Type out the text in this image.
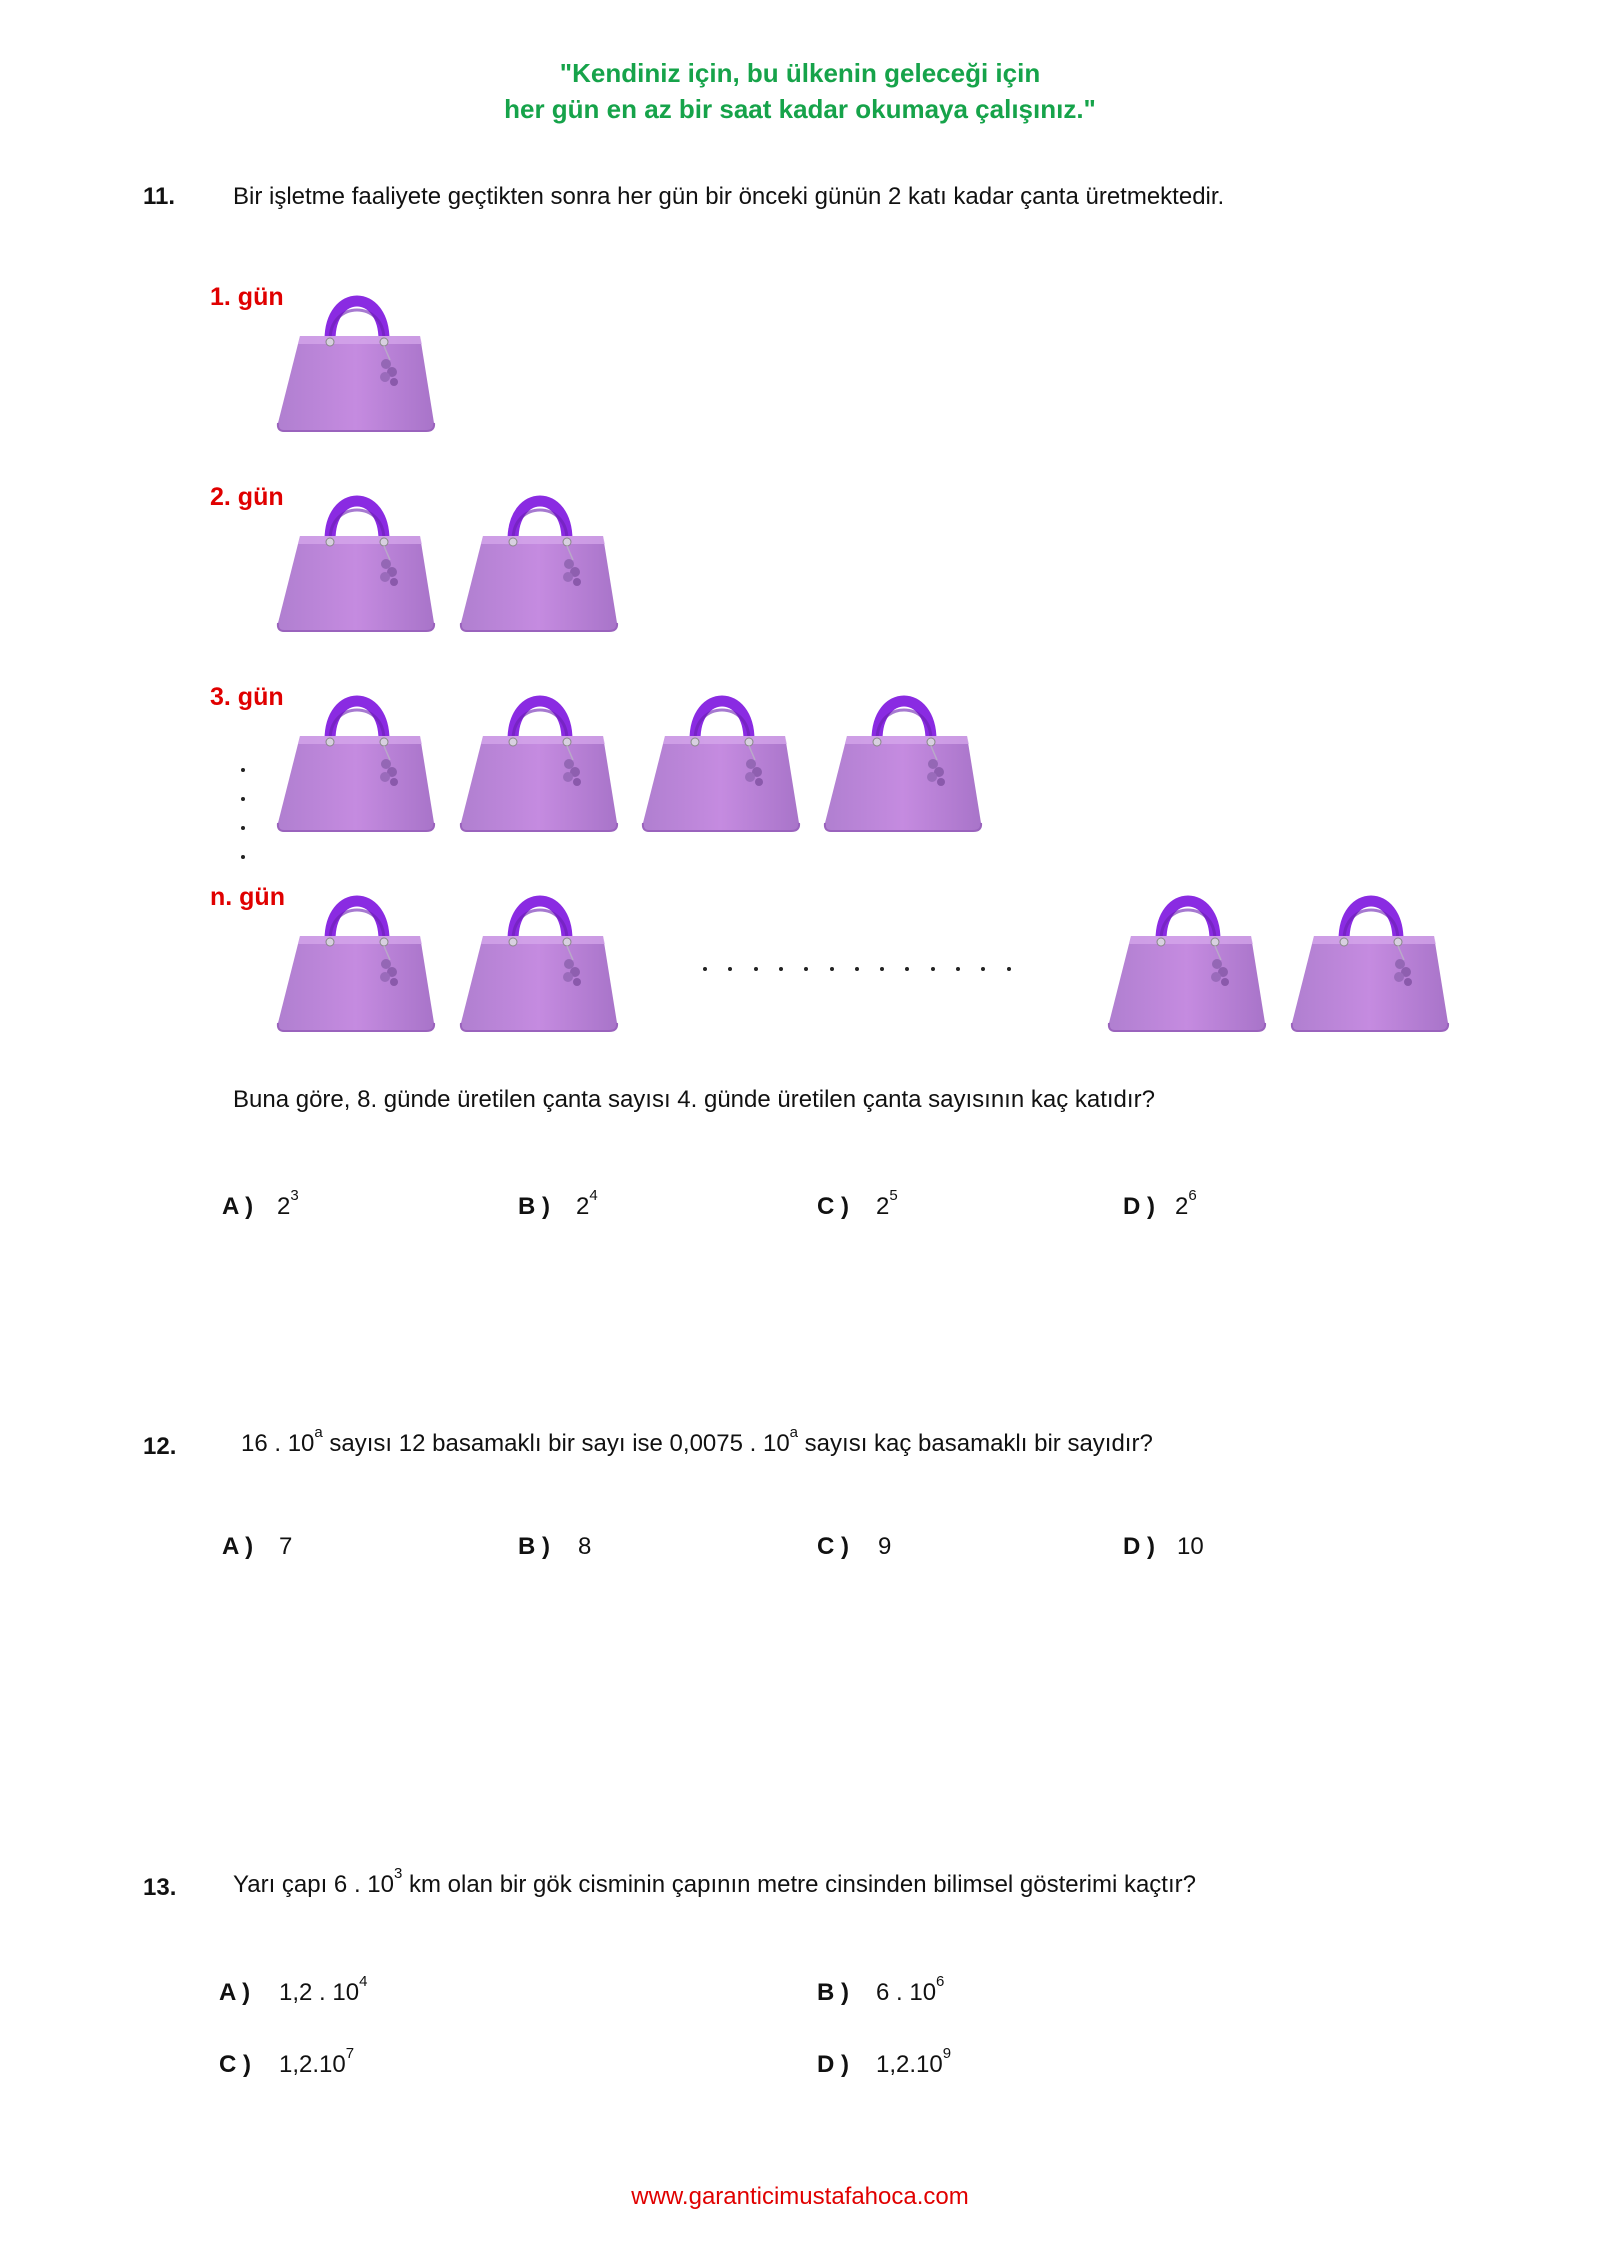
"Kendiniz için, bu ülkenin geleceği için
her gün en az bir saat kadar okumaya çalışınız."
11. Bir işletme faaliyete geçtikten sonra her gün bir önceki günün 2 katı kadar çanta üretmektedir.
1. gün
2. gün
3. gün
n. gün
Buna göre, 8. günde üretilen çanta sayısı 4. günde üretilen çanta sayısının kaç katıdır?
A ) $2^3$	B ) $2^4$	C ) $2^5$	D ) $2^6$
12.	16 . 10$^a$ sayısı 12 basamaklı bir sayı ise 0,0075 . 10$^a$ sayısı kaç basamaklı bir sayıdır?
A ) 7	B ) 8	C ) 9	D ) 10
13. Yarı çapı 6 . $10^3$ km olan bir gök cisminin çapının metre cinsinden bilimsel gösterimi kaçtır?
A ) 1,2 . $10^4$	B ) 6 . $10^6$
C ) 1,2.10$^7$	D ) 1,2.10$^9$
www.garanticimustafahoca.com
